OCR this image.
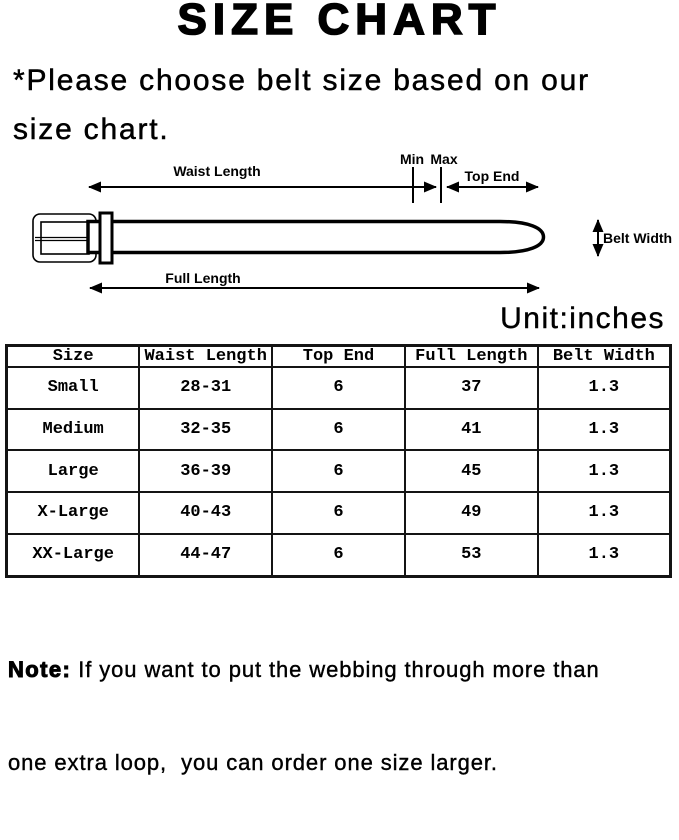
SIZE CHART
*Please choose belt size based on our
size chart.
Waist Length
Min Max
Top End
Full Length
Belt Width
Unit:inches
Size	Waist Length	Top End	Full Length	Belt Width
Small	28-31	6	37	1.3
Medium	32-35	6	41	1.3
Large	36-39	6	45	1.3
X-Large	40-43	6	49	1.3
XX-Large	44-47	6	53	1.3

Note: If you want to put the webbing through more than

one extra loop,  you can order one size larger.
